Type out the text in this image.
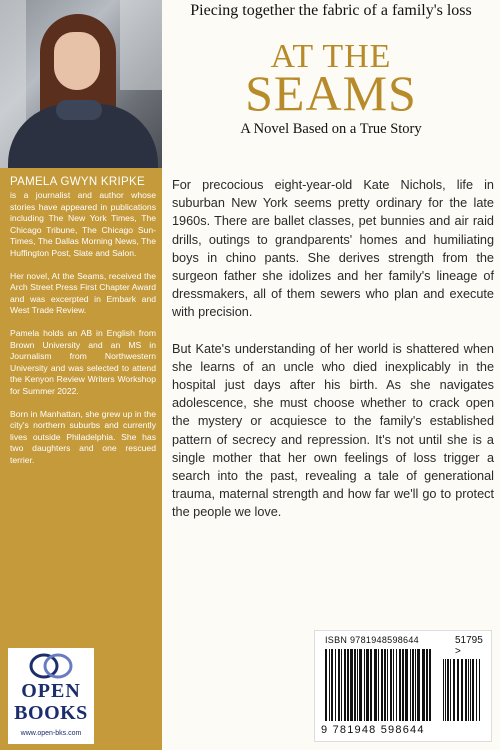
PAMELA GWYN KRIPKE

is a journalist and author whose stories have appeared in publications including The New York Times, The Chicago Tribune, The Chicago Sun-Times, The Dallas Morning News, The Huffington Post, Slate and Salon.

Her novel, At the Seams, received the Arch Street Press First Chapter Award and was excerpted in Embark and West Trade Review.

Pamela holds an AB in English from Brown University and an MS in Journalism from Northwestern University and was selected to attend the Kenyon Review Writers Workshop for Summer 2022.

Born in Manhattan, she grew up in the city's northern suburbs and currently lives outside Philadelphia. She has two daughters and one rescued terrier.

OPEN
BOOKS
www.open-bks.com
Piecing together the fabric of a family's loss
AT THE
SEAMS
A Novel Based on a True Story

For precocious eight-year-old Kate Nichols, life in suburban New York seems pretty ordinary for the late 1960s. There are ballet classes, pet bunnies and air raid drills, outings to grandparents' homes and humiliating boys in chino pants. She derives strength from the surgeon father she idolizes and her family's lineage of dressmakers, all of them sewers who plan and execute with precision.

But Kate's understanding of her world is shattered when she learns of an uncle who died inexplicably in the hospital just days after his birth. As she navigates adolescence, she must choose whether to crack open the mystery or acquiesce to the family's established pattern of secrecy and repression. It's not until she is a single mother that her own feelings of loss trigger a search into the past, revealing a tale of generational trauma, maternal strength and how far we'll go to protect the people we love.

ISBN 9781948598644	51795 >
9 781948 598644
